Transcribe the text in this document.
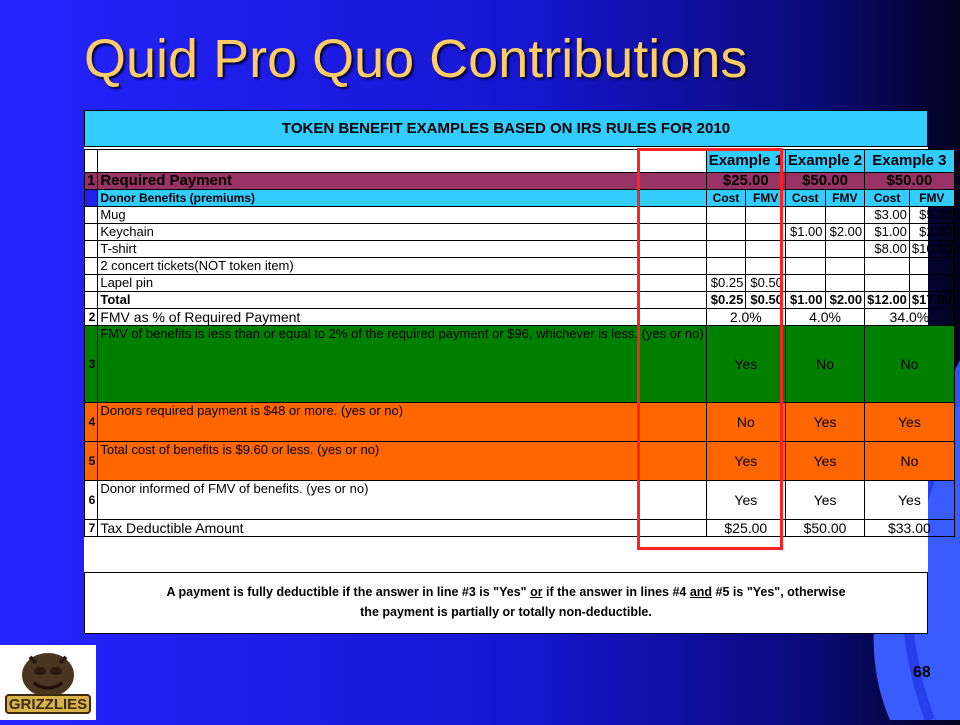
Quid Pro Quo Contributions
TOKEN BENEFIT EXAMPLES BASED ON IRS RULES FOR 2010
		Example 1		Example 2		Example 3	
1	Required Payment	$25.00		$50.00		$50.00	
	Donor Benefits (premiums)	Cost	FMV	Cost	FMV	Cost	FMV
	Mug					$3.00	$5.00
	Keychain			$1.00	$2.00	$1.00	$2.00
	T-shirt					$8.00	$10.00
	2 concert tickets(NOT token item)						
	Lapel pin	$0.25	$0.50				
	Total	$0.25	$0.50	$1.00	$2.00	$12.00	$17.00
2	FMV as % of Required Payment	2.0%		4.0%		34.0%	
3	FMV of benefits is less than or equal to 2% of the required payment or $96, whichever is less. (yes or no)	Yes		No		No	
4	Donors required payment is $48 or more. (yes or no)	No		Yes		Yes	
5	Total cost of benefits is $9.60 or less. (yes or no)	Yes		Yes		No	
6	Donor informed of FMV of benefits. (yes or no)	Yes		Yes		Yes	
7	Tax Deductible Amount	$25.00		$50.00		$33.00	
A payment is fully deductible if the answer in line #3 is "Yes" or if the answer in lines #4 and #5 is "Yes", otherwise
the payment is partially or totally non-deductible.
GRIZZLIES
68
